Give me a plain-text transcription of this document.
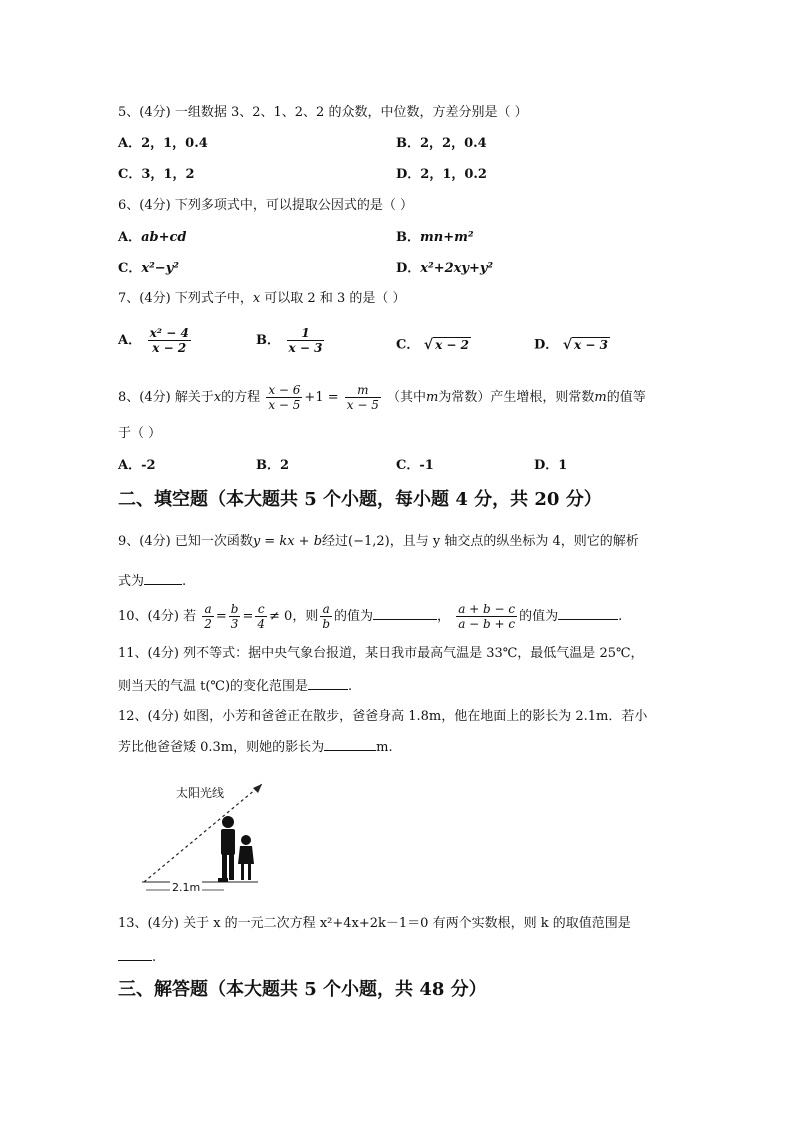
5、(4分) 一组数据 3、2、1、2、2 的众数，中位数，方差分别是（ ）
A．2，1，0.4	B．2，2，0.4
C．3，1，2	D．2，1，0.2
6、(4分) 下列多项式中，可以提取公因式的是（ ）
A．ab+cd	B．mn+m²
C．x²−y²	D．x²+2xy+y²
7、(4分) 下列式子中，x 可以取 2 和 3 的是（ ）
A． $\frac{\text{x² − 4}}{x - 2}$	B． $\frac{1}{x - 3}$	C． √ x − 2	D． √ x − 3
8、(4分) 解关于x的方程 $\frac{x - 6}{x - 5} +1 = \frac{m}{x - 5}$ （其中m为常数）产生增根，则常数m的值等
于（ ）
A．-2	B．2	C．-1	D．1
二、填空题（本大题共 5 个小题，每小题 4 分，共 20 分）
9、(4分) 已知一次函数y = kx + b经过(−1,2)，且与 y 轴交点的纵坐标为 4，则它的解析
式为	.
10、(4分) 若 $\frac{a}{2} = \frac{b}{3} = \frac{c}{4} \ne 0$，则 $\frac{a}{b}$ 的值为	， $\frac{a + b - c}{a - b + c}$ 的值为	.
11、(4分) 列不等式：据中央气象台报道，某日我市最高气温是 33℃，最低气温是 25℃，
则当天的气温 t(℃)的变化范围是	.
12、(4分) 如图，小芳和爸爸正在散步，爸爸身高 1.8m，他在地面上的影长为 2.1m．若小
芳比他爸爸矮 0.3m，则她的影长为	m.
太阳光线
2.1m
13、(4分) 关于 x 的一元二次方程 x²+4x+2k－1＝0 有两个实数根，则 k 的取值范围是
.
三、解答题（本大题共 5 个小题，共 48 分）
